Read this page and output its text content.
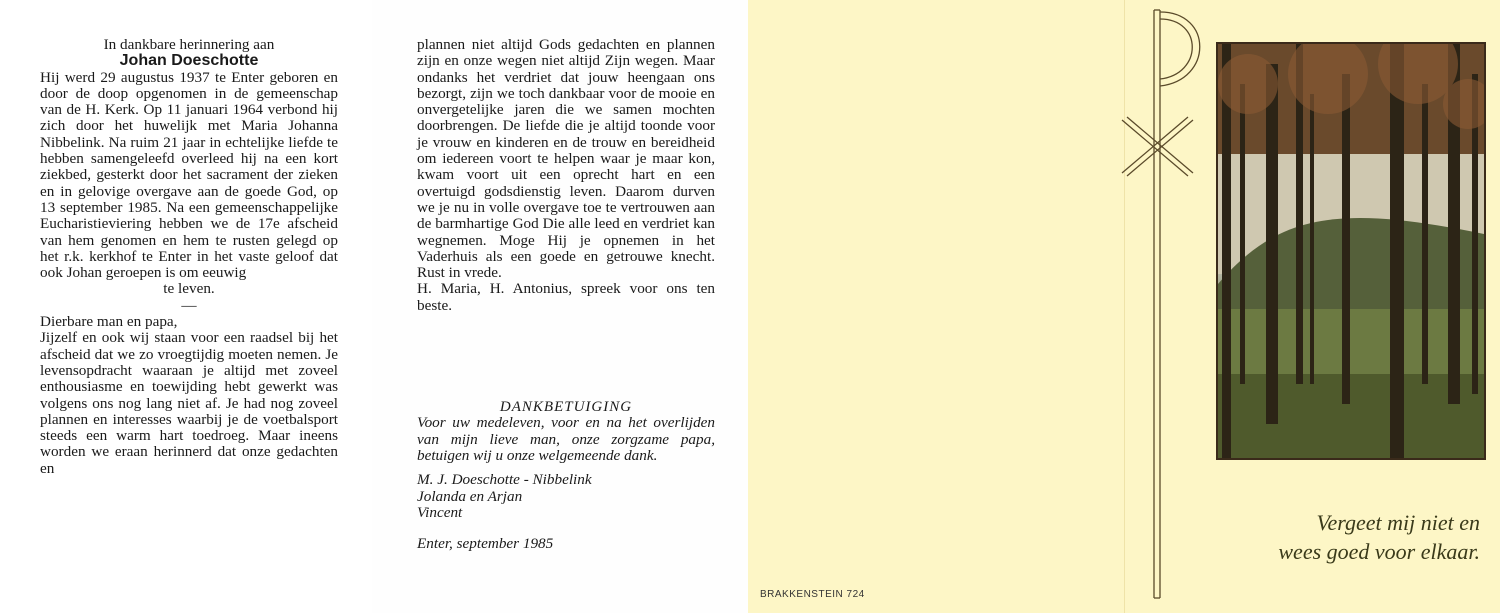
In dankbare herinnering aan

Johan Doeschotte

Hij werd 29 augustus 1937 te Enter geboren en door de doop opgenomen in de gemeenschap van de H. Kerk. Op 11 januari 1964 verbond hij zich door het huwelijk met Maria Johanna Nibbelink. Na ruim 21 jaar in echtelijke liefde te hebben samengeleefd overleed hij na een kort ziekbed, gesterkt door het sacrament der zieken en in gelovige overgave aan de goede God, op 13 september 1985. Na een gemeenschappelijke Eucharistieviering hebben we de 17e afscheid van hem genomen en hem te rusten gelegd op het r.k. kerkhof te Enter in het vaste geloof dat ook Johan geroepen is om eeuwig

te leven.

—

Dierbare man en papa,

Jijzelf en ook wij staan voor een raadsel bij het afscheid dat we zo vroegtijdig moeten nemen. Je levensopdracht waaraan je altijd met zoveel enthousiasme en toewijding hebt gewerkt was volgens ons nog lang niet af. Je had nog zoveel plannen en interesses waarbij je de voetbalsport steeds een warm hart toedroeg. Maar ineens worden we eraan herinnerd dat onze gedachten en

plannen niet altijd Gods gedachten en plannen zijn en onze wegen niet altijd Zijn wegen. Maar ondanks het verdriet dat jouw heengaan ons bezorgt, zijn we toch dankbaar voor de mooie en onvergetelijke jaren die we samen mochten doorbrengen. De liefde die je altijd toonde voor je vrouw en kinderen en de trouw en bereidheid om iedereen voort te helpen waar je maar kon, kwam voort uit een oprecht hart en een overtuigd godsdienstig leven. Daarom durven we je nu in volle overgave toe te vertrouwen aan de barmhartige God Die alle leed en verdriet kan wegnemen. Moge Hij je opnemen in het Vaderhuis als een goede en getrouwe knecht. Rust in vrede.

H. Maria, H. Antonius, spreek voor ons ten beste.

DANKBETUIGING

Voor uw medeleven, voor en na het overlijden van mijn lieve man, onze zorgzame papa, betuigen wij u onze welgemeende dank.

M. J. Doeschotte - Nibbelink

Jolanda en Arjan

Vincent

Enter, september 1985

Vergeet mij niet en
wees goed voor elkaar.
BRAKKENSTEIN 724
